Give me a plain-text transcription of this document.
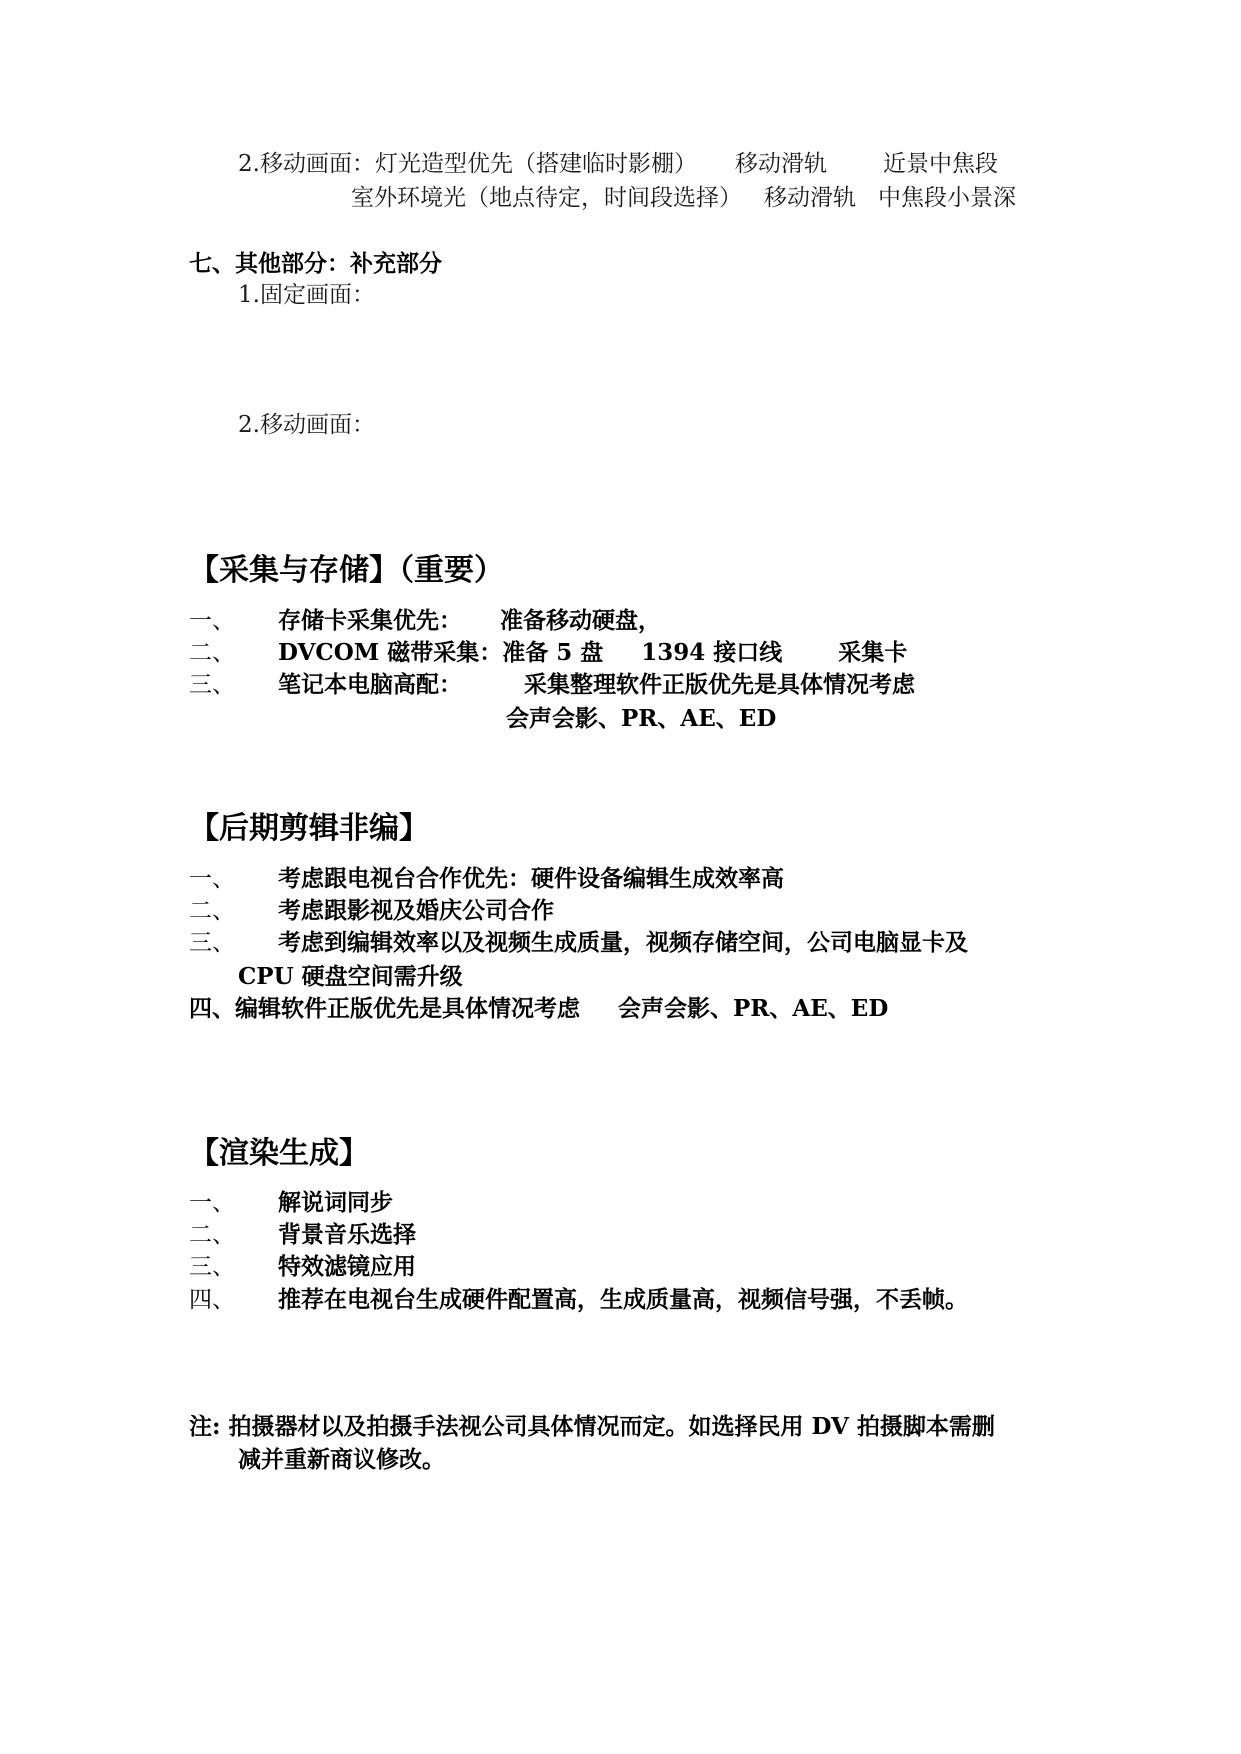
2.移动画面：灯光造型优先（搭建临时影棚） 移动滑轨 近景中焦段
室外环境光（地点待定，时间段选择） 移动滑轨 中焦段小景深
七、其他部分：补充部分
1.固定画面：
2.移动画面：
【采集与存储】（重要）
一、 存储卡采集优先： 准备移动硬盘，
二、 DVCOM 磁带采集：准备 5 盘 1394 接口线 采集卡
三、 笔记本电脑高配：	采集整理软件正版优先是具体情况考虑
会声会影、PR、AE、ED
【后期剪辑非编】
一、 考虑跟电视台合作优先：硬件设备编辑生成效率高
二、 考虑跟影视及婚庆公司合作
三、 考虑到编辑效率以及视频生成质量，视频存储空间，公司电脑显卡及
CPU 硬盘空间需升级
四、编辑软件正版优先是具体情况考虑 会声会影、PR、AE、ED
【渲染生成】
一、 解说词同步
二、 背景音乐选择
三、 特效滤镜应用
四、 推荐在电视台生成硬件配置高，生成质量高，视频信号强，不丢帧。
注: 拍摄器材以及拍摄手法视公司具体情况而定。如选择民用 DV 拍摄脚本需删
减并重新商议修改。
